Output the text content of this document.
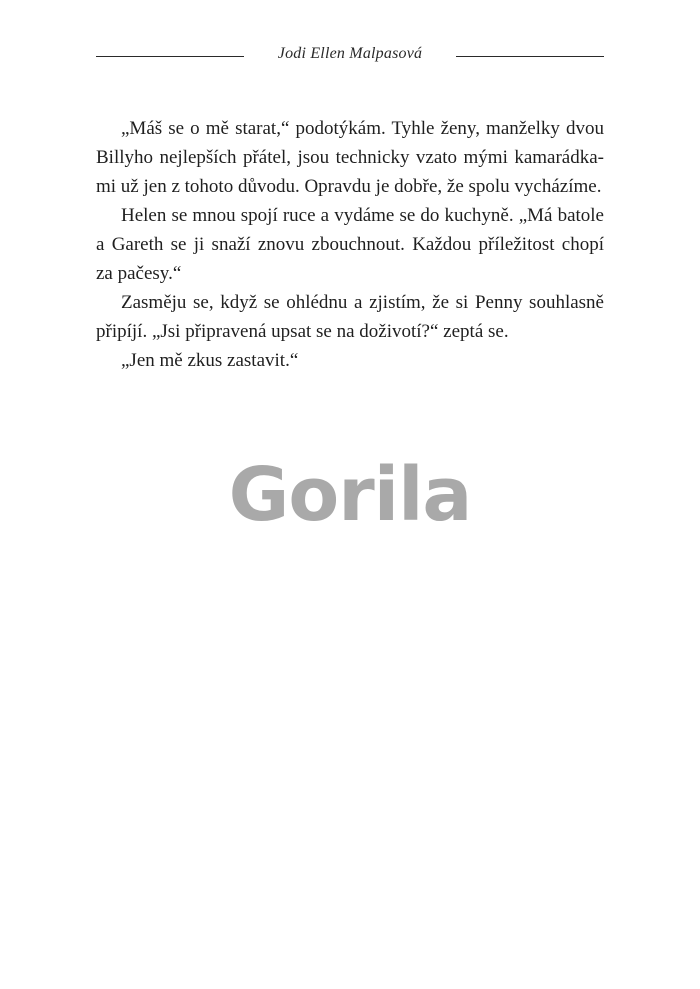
Jodi Ellen Malpasová

„Máš se o mě starat,“ podotýkám. Tyhle ženy, manželky dvou
Billyho nejlepších přátel, jsou technicky vzato mými kamarádka-
mi už jen z tohoto důvodu. Opravdu je dobře, že spolu vycházíme.

Helen se mnou spojí ruce a vydáme se do kuchyně. „Má batole
a Gareth se ji snaží znovu zbouchnout. Každou příležitost chopí
za pačesy.“

Zasměju se, když se ohlédnu a zjistím, že si Penny souhlasně
připíjí. „Jsi připravená upsat se na doživotí?“ zeptá se.

„Jen mě zkus zastavit.“

Gorila
